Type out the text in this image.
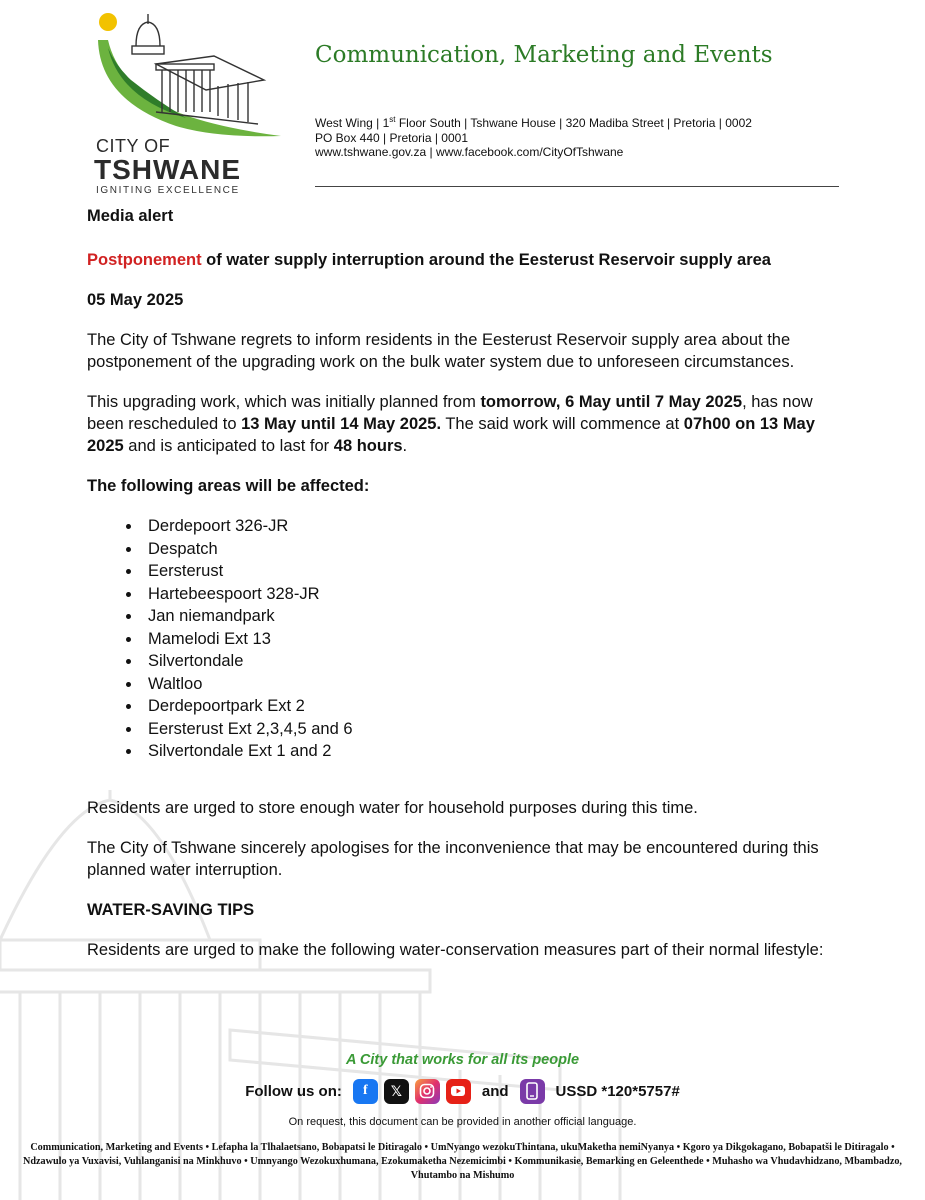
CITY OF
TSHWANE
IGNITING EXCELLENCE
Communication, Marketing and Events
West Wing | 1st Floor South | Tshwane House | 320 Madiba Street | Pretoria | 0002
PO Box 440 | Pretoria | 0001
www.tshwane.gov.za | www.facebook.com/CityOfTshwane

Media alert

Postponement of water supply interruption around the Eesterust Reservoir supply area

05 May 2025

The City of Tshwane regrets to inform residents in the Eesterust Reservoir supply area about the postponement of the upgrading work on the bulk water system due to unforeseen circumstances.

This upgrading work, which was initially planned from tomorrow, 6 May until 7 May 2025, has now been rescheduled to 13 May until 14 May 2025. The said work will commence at 07h00 on 13 May 2025 and is anticipated to last for 48 hours.

The following areas will be affected:

• Derdepoort 326-JR
• Despatch
• Eersterust
• Hartebeespoort 328-JR
• Jan niemandpark
• Mamelodi Ext 13
• Silvertondale
• Waltloo
• Derdepoortpark Ext 2
• Eersterust Ext 2,3,4,5 and 6
• Silvertondale Ext 1 and 2

Residents are urged to store enough water for household purposes during this time.

The City of Tshwane sincerely apologises for the inconvenience that may be encountered during this planned water interruption.

WATER-SAVING TIPS

Residents are urged to make the following water-conservation measures part of their normal lifestyle:

A City that works for all its people

Follow us on:	f	𝕏	and	USSD *120*5757#
On request, this document can be provided in another official language.
Communication, Marketing and Events • Lefapha la Tlhalaetsano, Bobapatsi le Ditiragalo • UmNyango wezokuThintana, ukuMaketha nemiNyanya • Kgoro ya Dikgokagano, Bobapatši le Ditiragalo • Ndzawulo ya Vuxavisi, Vuhlanganisi na Minkhuvo • Umnyango Wezokuxhumana, Ezokumaketha Nezemicimbi • Kommunikasie, Bemarking en Geleenthede • Muhasho wa Vhudavhidzano, Mbambadzo, Vhutambo na Mishumo
